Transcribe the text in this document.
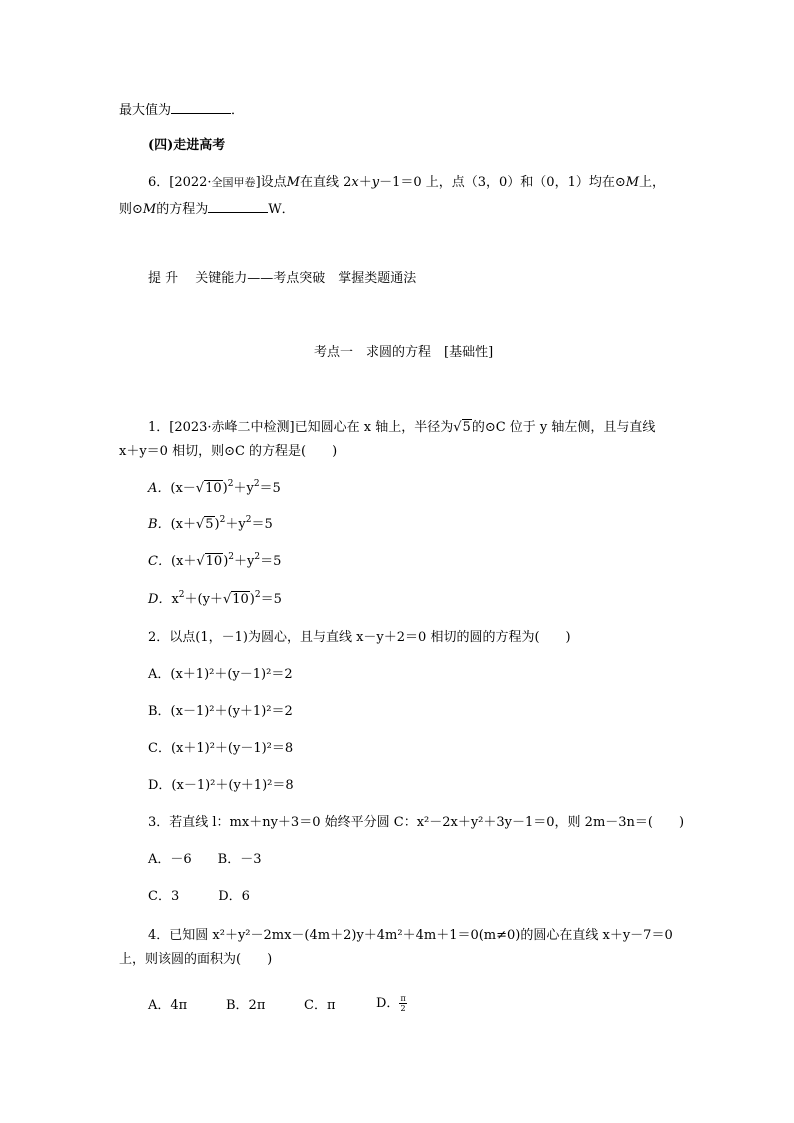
最大值为	．
(四)走进高考
6．[2022·全国甲卷]设点M在直线 2x＋y－1＝0 上，点（3，0）和（0，1）均在⊙M上，
则⊙M的方程为	W．
提 升　 关键能力——考点突破　掌握类题通法
考点一　求圆的方程　[基础性]
1．[2023·赤峰二中检测]已知圆心在 x 轴上，半径为√5的⊙C 位于 y 轴左侧，且与直线
x＋y＝0 相切，则⊙C 的方程是(　　)
A．$(x-√10)^2+y^2=5$
B．$(x+√5)^2+y^2=5$
C．$(x+√10)^2+y^2=5$
D．$x^2+(y+√10)^2=5$
2．以点(1，－1)为圆心，且与直线 x－y＋2＝0 相切的圆的方程为(　　)
A．(x＋1)²＋(y－1)²＝2
B．(x－1)²＋(y＋1)²＝2
C．(x＋1)²＋(y－1)²＝8
D．(x－1)²＋(y＋1)²＝8
3．若直线 l：mx＋ny＋3＝0 始终平分圆 C：x²－2x＋y²＋3y－1＝0，则 2m－3n＝(　　)
A．－6　　B．－3
C．3　　　D．6
4．已知圆 x²＋y²－2mx－(4m＋2)y＋4m²＋4m＋1＝0(m≠0)的圆心在直线 x＋y－7＝0
上，则该圆的面积为(　　)
A．4π	B．2π	C．π	D． $\frac{\pi}{2}$
